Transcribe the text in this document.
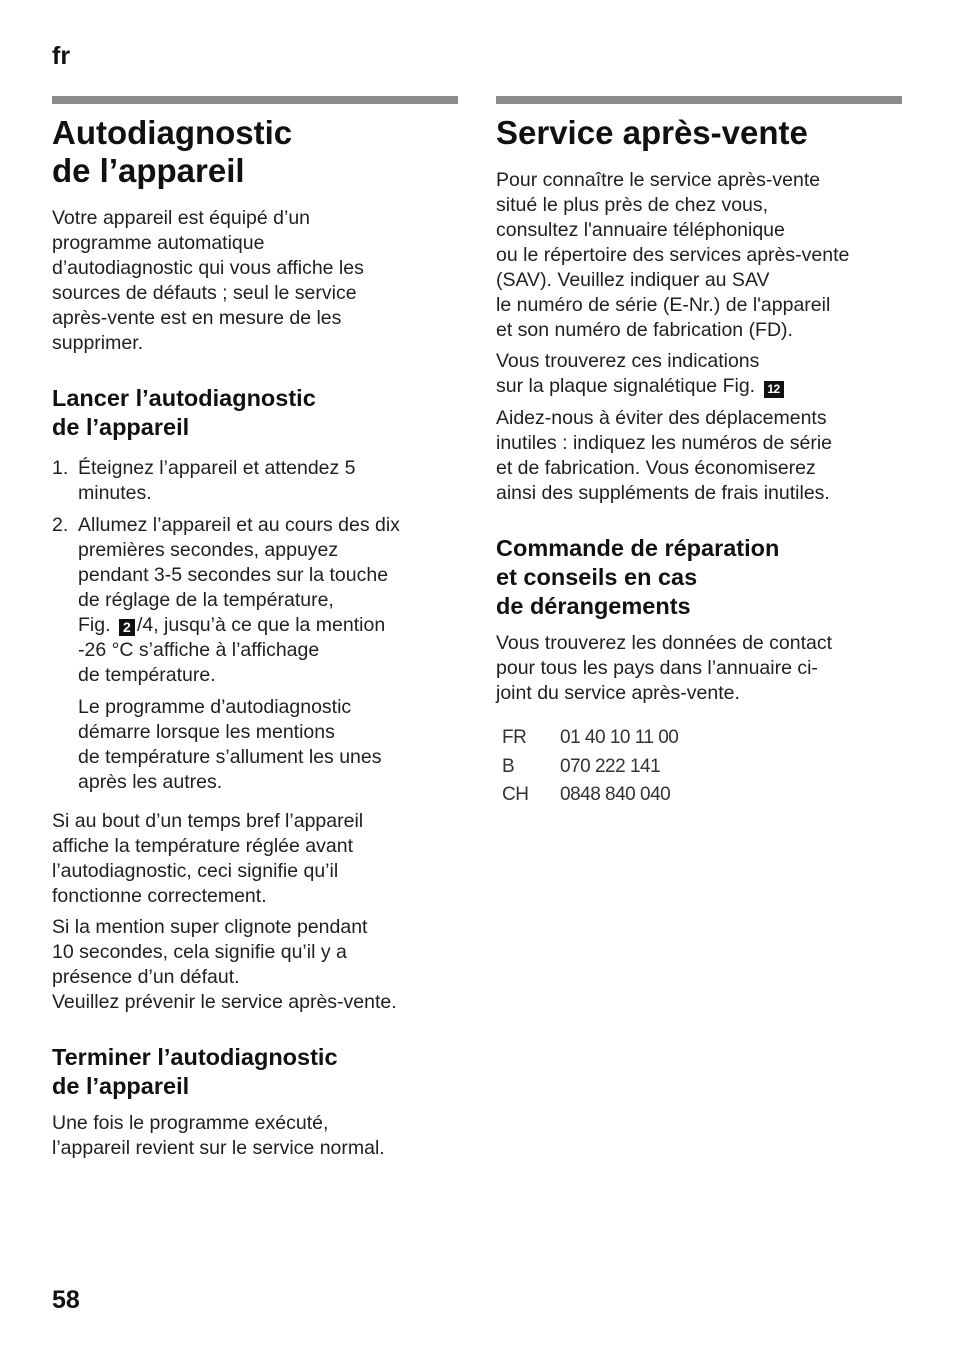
fr
Autodiagnostic
de l’appareil
Votre appareil est équipé d’un
programme automatique
d’autodiagnostic qui vous affiche les
sources de défauts ; seul le service
après-vente est en mesure de les
supprimer.
Lancer l’autodiagnostic
de l’appareil
1. Éteignez l’appareil et attendez 5
minutes.
2. Allumez l’appareil et au cours des dix
premières secondes, appuyez
pendant 3-5 secondes sur la touche
de réglage de la température,
Fig. 2 /4, jusqu’à ce que la mention
-26 °C s’affiche à l’affichage
de température.
Le programme d’autodiagnostic
démarre lorsque les mentions
de température s’allument les unes
après les autres.
Si au bout d’un temps bref l’appareil
affiche la température réglée avant
l’autodiagnostic, ceci signifie qu’il
fonctionne correctement.
Si la mention super clignote pendant
10 secondes, cela signifie qu’il y a
présence d’un défaut.
Veuillez prévenir le service après-vente.
Terminer l’autodiagnostic
de l’appareil
Une fois le programme exécuté,
l’appareil revient sur le service normal.
Service après-vente
Pour connaître le service après-vente
situé le plus près de chez vous,
consultez l'annuaire téléphonique
ou le répertoire des services après-vente
(SAV). Veuillez indiquer au SAV
le numéro de série (E-Nr.) de l'appareil
et son numéro de fabrication (FD).
Vous trouverez ces indications
sur la plaque signalétique Fig. 12
Aidez-nous à éviter des déplacements
inutiles : indiquez les numéros de série
et de fabrication. Vous économiserez
ainsi des suppléments de frais inutiles.
Commande de réparation
et conseils en cas
de dérangements
Vous trouverez les données de contact
pour tous les pays dans l’annuaire ci-
joint du service après-vente.
FR	01 40 10 11 00
B	070 222 141
CH	0848 840 040
58
